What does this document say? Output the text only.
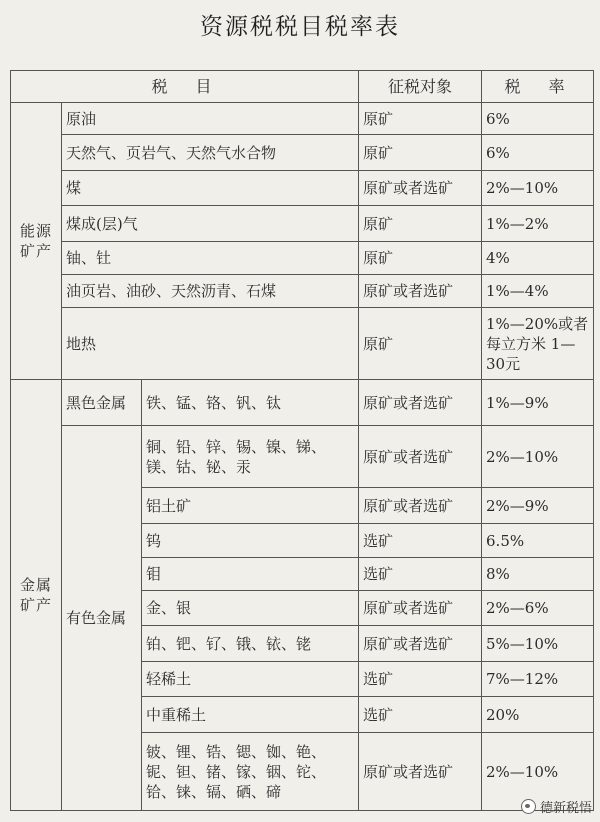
资源税税目税率表
税　目			征税对象	税　率
能源矿产	原油		原矿	6%
	天然气、页岩气、天然气水合物		原矿	6%
	煤		原矿或者选矿	2%—10%
	煤成(层)气		原矿	1%—2%
	铀、钍		原矿	4%
	油页岩、油砂、天然沥青、石煤		原矿或者选矿	1%—4%
	地热		原矿	1%—20%或者每立方米 1—30元
金属矿产	黑色金属	铁、锰、铬、钒、钛	原矿或者选矿	1%—9%
	有色金属	铜、铅、锌、锡、镍、锑、镁、钴、铋、汞	原矿或者选矿	2%—10%
		铝土矿	原矿或者选矿	2%—9%
		钨	选矿	6.5%
		钼	选矿	8%
		金、银	原矿或者选矿	2%—6%
		铂、钯、钌、锇、铱、铑	原矿或者选矿	5%—10%
		轻稀土	选矿	7%—12%
		中重稀土	选矿	20%
		铍、锂、锆、锶、铷、铯、铌、钽、锗、镓、铟、铊、铪、铼、镉、硒、碲	原矿或者选矿	2%—10%
德新税悟
